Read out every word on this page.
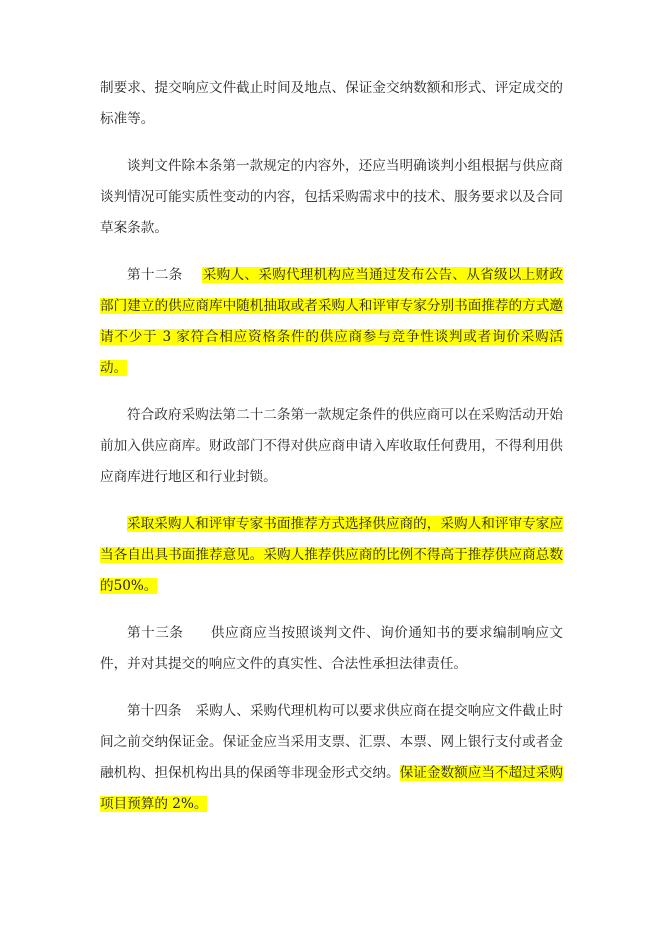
制要求、提交响应文件截止时间及地点、保证金交纳数额和形式、评定成交的标准等。

谈判文件除本条第一款规定的内容外，还应当明确谈判小组根据与供应商谈判情况可能实质性变动的内容，包括采购需求中的技术、服务要求以及合同草案条款。

第十二条 采购人、采购代理机构应当通过发布公告、从省级以上财政部门建立的供应商库中随机抽取或者采购人和评审专家分别书面推荐的方式邀请不少于 3 家符合相应资格条件的供应商参与竞争性谈判或者询价采购活动。

符合政府采购法第二十二条第一款规定条件的供应商可以在采购活动开始前加入供应商库。财政部门不得对供应商申请入库收取任何费用，不得利用供应商库进行地区和行业封锁。

采取采购人和评审专家书面推荐方式选择供应商的，采购人和评审专家应当各自出具书面推荐意见。采购人推荐供应商的比例不得高于推荐供应商总数的50%。

第十三条 供应商应当按照谈判文件、询价通知书的要求编制响应文件，并对其提交的响应文件的真实性、合法性承担法律责任。

第十四条 采购人、采购代理机构可以要求供应商在提交响应文件截止时间之前交纳保证金。保证金应当采用支票、汇票、本票、网上银行支付或者金融机构、担保机构出具的保函等非现金形式交纳。保证金数额应当不超过采购项目预算的 2%。
